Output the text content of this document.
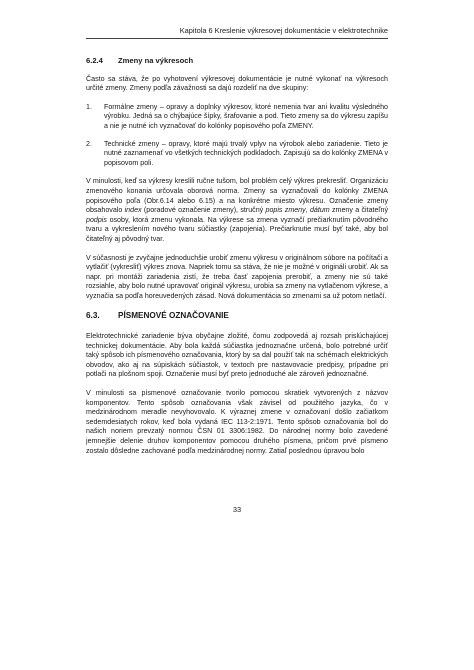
Kapitola 6 Kreslenie výkresovej dokumentácie v elektrotechnike
6.2.4 Zmeny na výkresoch

Často sa stáva, že po vyhotovení výkresovej dokumentácie je nutné vykonať na výkresoch určité zmeny. Zmeny podľa závažnosti sa dajú rozdeliť na dve skupiny:

1.	Formálne zmeny – opravy a doplnky výkresov, ktoré nemenia tvar ani kvalitu výsledného výrobku. Jedná sa o chýbajúce šípky, šrafovanie a pod. Tieto zmeny sa do výkresu zapíšu a nie je nutné ich vyznačovať do kolónky popisového poľa ZMENY.
2.	Technické zmeny – opravy, ktoré majú trvalý vplyv na výrobok alebo zariadenie. Tieto je nutné zaznamenať vo všetkých technických podkladoch. Zapisujú sa do kolónky ZMENA v popisovom poli.

V minulosti, keď sa výkresy kreslili ručne tušom, bol problém celý výkres prekresliť. Organizáciu zmenového konania určovala oborová norma. Zmeny sa vyznačovali do kolónky ZMENA popisového poľa (Obr.6.14 alebo 6.15) a na konkrétne miesto výkresu. Označenie zmeny obsahovalo index (poradové označenie zmeny), stručný popis zmeny, dátum zmeny a čitateľný podpis osoby, ktorá zmenu vykonala. Na výkrese sa zmena vyznačí prečiarknutím pôvodného tvaru a vykreslením nového tvaru súčiastky (zapojenia). Prečiarknutie musí byť také, aby bol čitateľný aj pôvodný tvar.

V súčasnosti je zvyčajne jednoduchšie urobiť zmenu výkresu v originálnom súbore na počítači a vytlačiť (vykresliť) výkres znova. Napriek tomu sa stáva, že nie je možné v origináli urobiť. Ak sa napr. pri montáži zariadenia zistí, že treba časť zapojenia prerobiť, a zmeny nie sú také rozsiahle, aby bolo nutné upravovať originál výkresu, urobia sa zmeny na vytlačenom výkrese, a vyznačia sa podľa horeuvedených zásad. Nová dokumentácia so zmenami sa už potom netlačí.

6.3. PÍSMENOVÉ OZNAČOVANIE

Elektrotechnické zariadenie býva obyčajne zložité, čomu zodpovedá aj rozsah prislúchajúcej technickej dokumentácie. Aby bola každá súčiastka jednoznačne určená, bolo potrebné určiť taký spôsob ich písmenového označovania, ktorý by sa dal použiť tak na schémach elektrických obvodov, ako aj na súpiskách súčiastok, v textoch pre nastavovacie predpisy, prípadne pri potlači na plošnom spoji. Označenie musí byť preto jednoduché ale zároveň jednoznačné.

V minulosti sa písmenové označovanie tvorilo pomocou skratiek vytvorených z názvov komponentov. Tento spôsob označovania však závisel od použitého jazyka, čo v medzinárodnom meradle nevyhovovalo. K výraznej zmene v označovaní došlo začiatkom sedemdesiatych rokov, keď bola vydaná IEC 113-2:1971. Tento spôsob označovania bol do našich noriem prevzatý normou ČSN 01 3306:1982. Do národnej normy bolo zavedené jemnejšie delenie druhov komponentov pomocou druhého písmena, pričom prvé písmeno zostalo dôsledne zachované podľa medzinárodnej normy. Zatiaľ poslednou úpravou bolo

33
